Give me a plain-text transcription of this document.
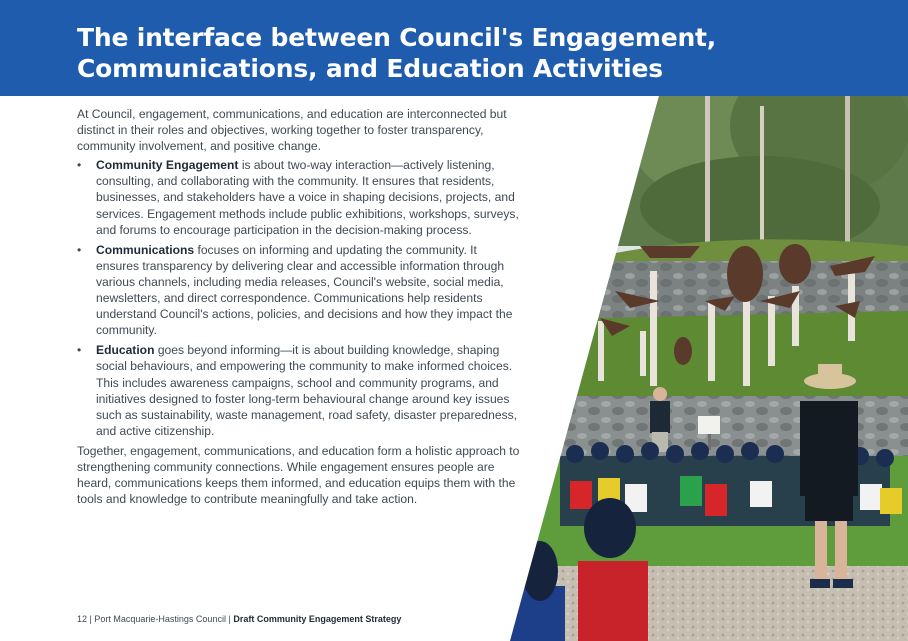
The interface between Council's Engagement,
Communications, and Education Activities

At Council, engagement, communications, and education are interconnected but distinct in their roles and objectives, working together to foster transparency, community involvement, and positive change.

• Community Engagement is about two-way interaction—actively listening, consulting, and collaborating with the community. It ensures that residents, businesses, and stakeholders have a voice in shaping decisions, projects, and services. Engagement methods include public exhibitions, workshops, surveys, and forums to encourage participation in the decision-making process.
• Communications focuses on informing and updating the community. It ensures transparency by delivering clear and accessible information through various channels, including media releases, Council's website, social media, newsletters, and direct correspondence. Communications help residents understand Council's actions, policies, and decisions and how they impact the community.
• Education goes beyond informing—it is about building knowledge, shaping social behaviours, and empowering the community to make informed choices. This includes awareness campaigns, school and community programs, and initiatives designed to foster long-term behavioural change around key issues such as sustainability, waste management, road safety, disaster preparedness, and active citizenship.

Together, engagement, communications, and education form a holistic approach to strengthening community connections. While engagement ensures people are heard, communications keeps them informed, and education equips them with the tools and knowledge to contribute meaningfully and take action.

12 | Port Macquarie-Hastings Council | Draft Community Engagement Strategy
